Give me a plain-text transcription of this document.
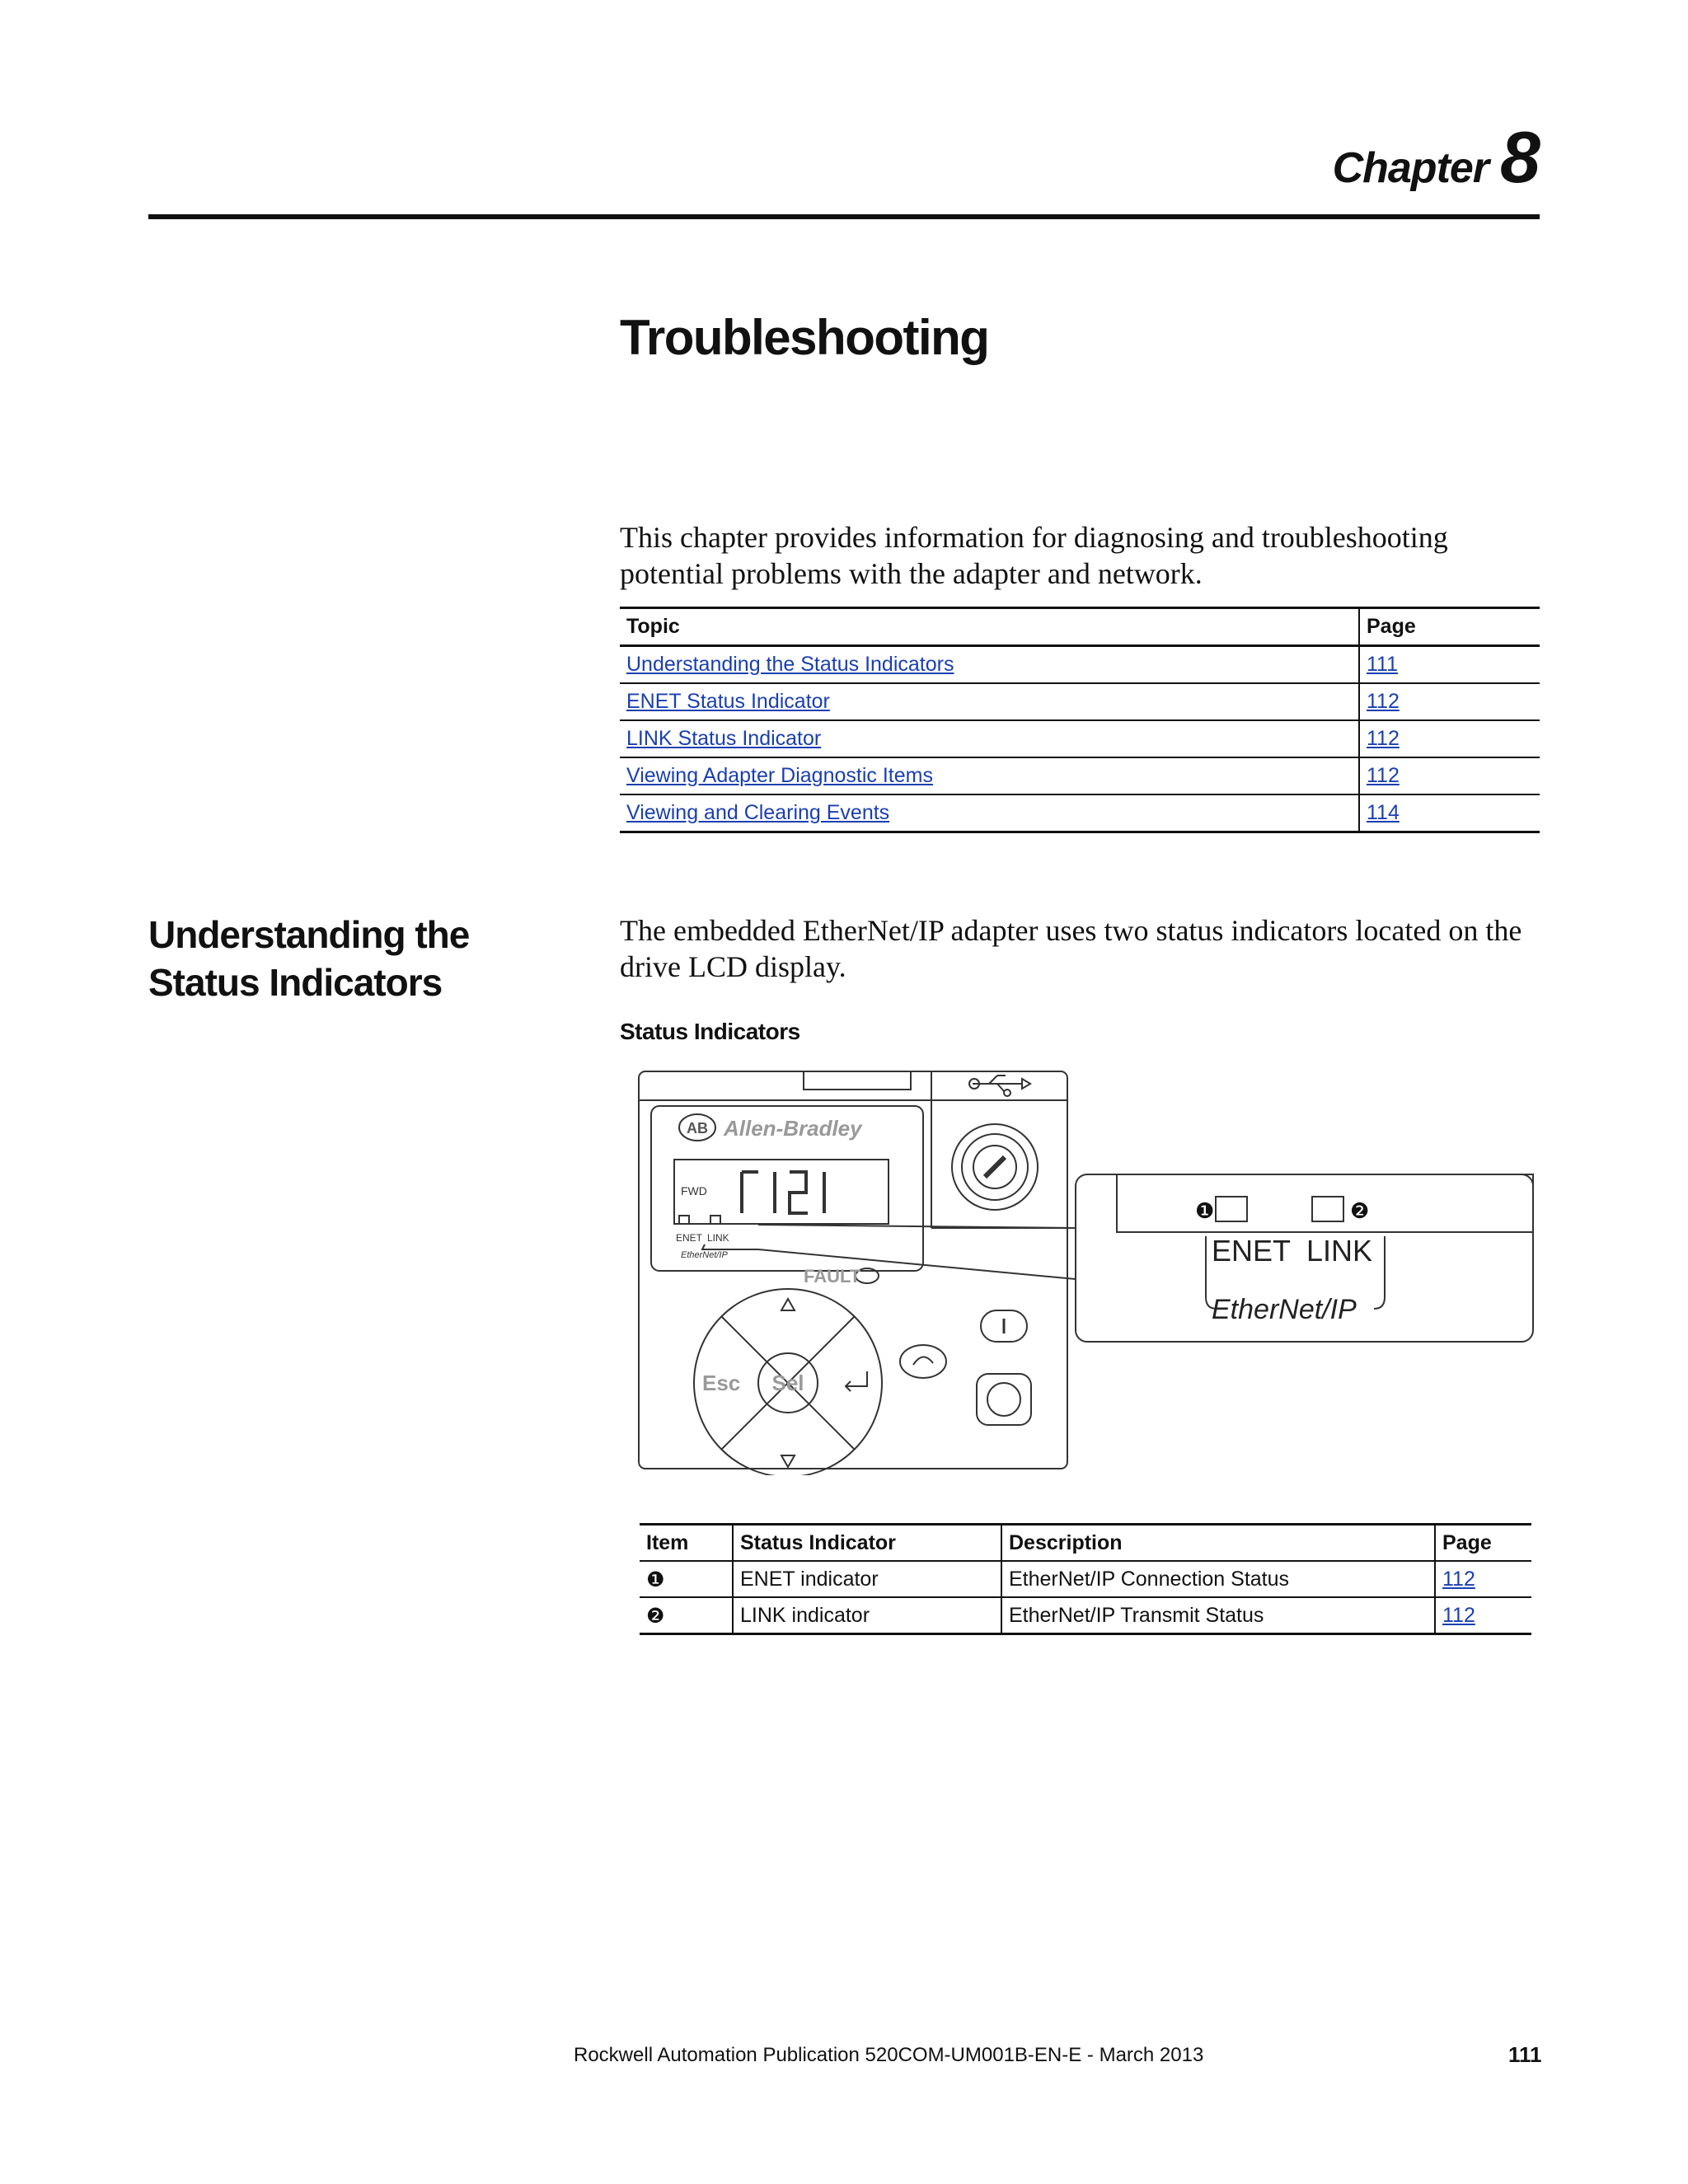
Chapter 8
Troubleshooting
This chapter provides information for diagnosing and troubleshooting potential problems with the adapter and network.
Topic	Page
Understanding the Status Indicators	111
ENET Status Indicator	112
LINK Status Indicator	112
Viewing Adapter Diagnostic Items	112
Viewing and Clearing Events	114
Understanding the Status Indicators
The embedded EtherNet/IP adapter uses two status indicators located on the drive LCD display.
Status Indicators
AB Allen-Bradley
FWD
ENET LINK
EtherNet/IP
FAULT
Esc Sel
❶	❷
ENET LINK
EtherNet/IP
Item	Status Indicator	Description	Page
❶	ENET indicator	EtherNet/IP Connection Status	112
❷	LINK indicator	EtherNet/IP Transmit Status	112
Rockwell Automation Publication 520COM-UM001B-EN-E - March 2013	111
